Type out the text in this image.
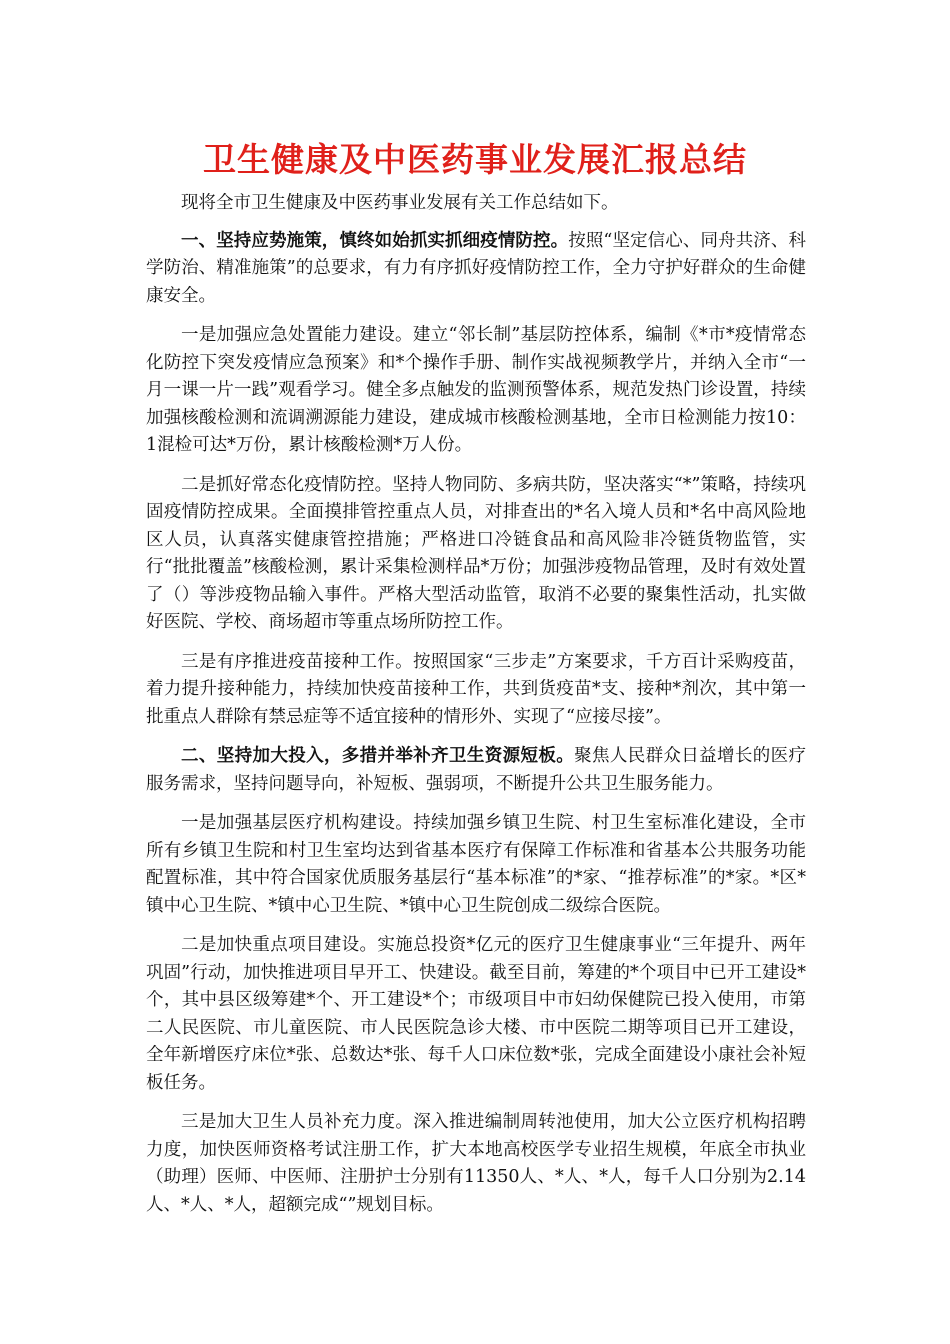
卫生健康及中医药事业发展汇报总结

现将全市卫生健康及中医药事业发展有关工作总结如下。

一、坚持应势施策，慎终如始抓实抓细疫情防控。按照“坚定信心、同舟共济、科学防治、精准施策”的总要求，有力有序抓好疫情防控工作，全力守护好群众的生命健康安全。

一是加强应急处置能力建设。建立“邻长制”基层防控体系，编制《*市*疫情常态化防控下突发疫情应急预案》和*个操作手册、制作实战视频教学片，并纳入全市“一月一课一片一践”观看学习。健全多点触发的监测预警体系，规范发热门诊设置，持续加强核酸检测和流调溯源能力建设，建成城市核酸检测基地，全市日检测能力按10：1混检可达*万份，累计核酸检测*万人份。

二是抓好常态化疫情防控。坚持人物同防、多病共防，坚决落实“*”策略，持续巩固疫情防控成果。全面摸排管控重点人员，对排查出的*名入境人员和*名中高风险地区人员，认真落实健康管控措施；严格进口冷链食品和高风险非冷链货物监管，实行“批批覆盖”核酸检测，累计采集检测样品*万份；加强涉疫物品管理，及时有效处置了（）等涉疫物品输入事件。严格大型活动监管，取消不必要的聚集性活动，扎实做好医院、学校、商场超市等重点场所防控工作。

三是有序推进疫苗接种工作。按照国家“三步走”方案要求，千方百计采购疫苗，着力提升接种能力，持续加快疫苗接种工作，共到货疫苗*支、接种*剂次，其中第一批重点人群除有禁忌症等不适宜接种的情形外、实现了“应接尽接”。

二、坚持加大投入，多措并举补齐卫生资源短板。聚焦人民群众日益增长的医疗服务需求，坚持问题导向，补短板、强弱项，不断提升公共卫生服务能力。

一是加强基层医疗机构建设。持续加强乡镇卫生院、村卫生室标准化建设，全市所有乡镇卫生院和村卫生室均达到省基本医疗有保障工作标准和省基本公共服务功能配置标准，其中符合国家优质服务基层行“基本标准”的*家、“推荐标准”的*家。*区*镇中心卫生院、*镇中心卫生院、*镇中心卫生院创成二级综合医院。

二是加快重点项目建设。实施总投资*亿元的医疗卫生健康事业“三年提升、两年巩固”行动，加快推进项目早开工、快建设。截至目前，筹建的*个项目中已开工建设*个，其中县区级筹建*个、开工建设*个；市级项目中市妇幼保健院已投入使用，市第二人民医院、市儿童医院、市人民医院急诊大楼、市中医院二期等项目已开工建设，全年新增医疗床位*张、总数达*张、每千人口床位数*张，完成全面建设小康社会补短板任务。

三是加大卫生人员补充力度。深入推进编制周转池使用，加大公立医疗机构招聘力度，加快医师资格考试注册工作，扩大本地高校医学专业招生规模，年底全市执业（助理）医师、中医师、注册护士分别有11350人、*人、*人，每千人口分别为2.14人、*人、*人，超额完成“”规划目标。
